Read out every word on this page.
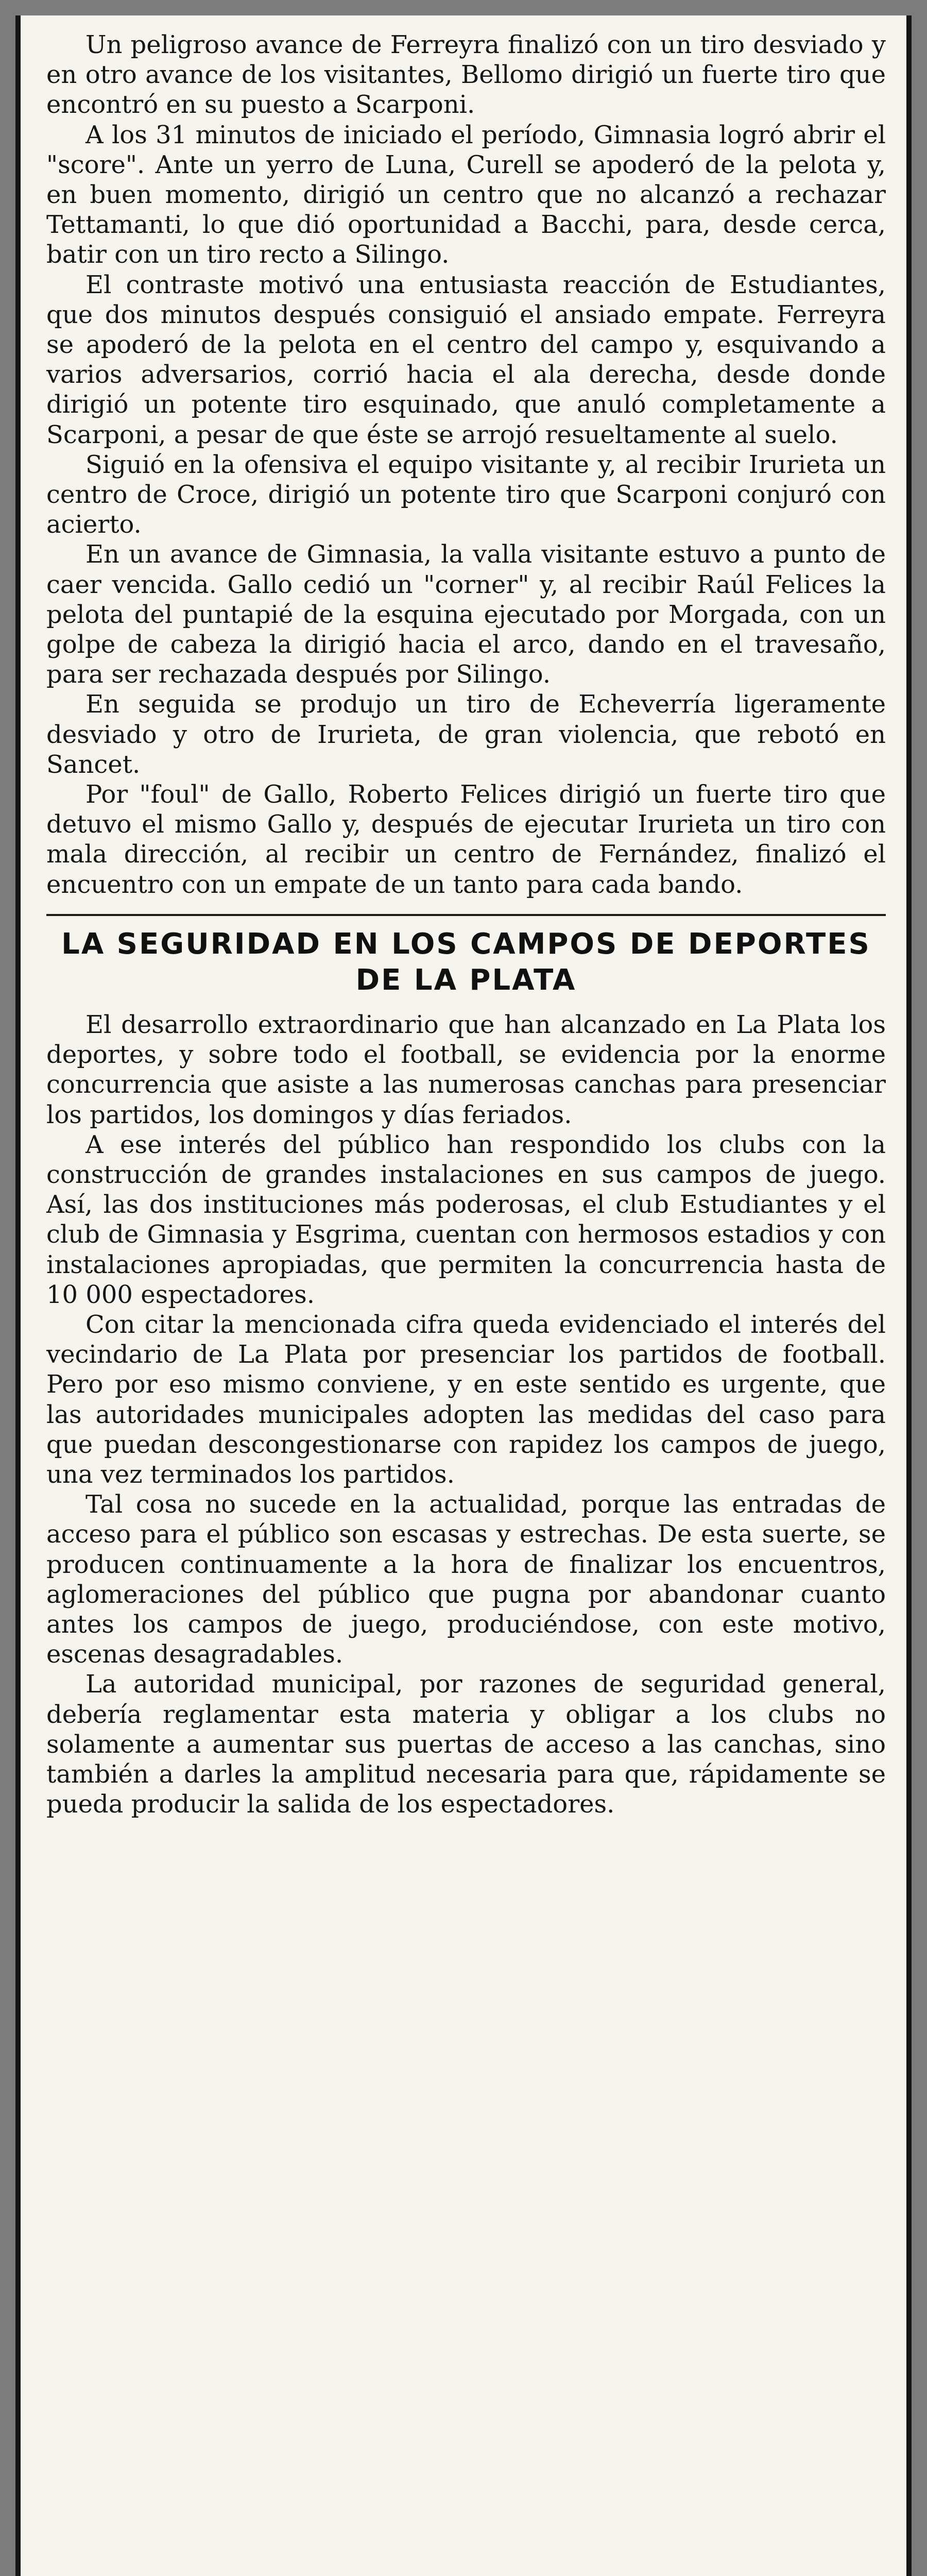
Un peligroso avance de Ferreyra finalizó con un tiro desviado y en otro avance de los visitantes, Bellomo dirigió un fuerte tiro que encontró en su puesto a Scarponi.

A los 31 minutos de iniciado el período, Gimnasia logró abrir el "score". Ante un yerro de Luna, Curell se apoderó de la pelota y, en buen momento, dirigió un centro que no alcanzó a rechazar Tettamanti, lo que dió oportunidad a Bacchi, para, desde cerca, batir con un tiro recto a Silingo.

El contraste motivó una entusiasta reacción de Estudiantes, que dos minutos después consiguió el ansiado empate. Ferreyra se apoderó de la pelota en el centro del campo y, esquivando a varios adversarios, corrió hacia el ala derecha, desde donde dirigió un potente tiro esquinado, que anuló completamente a Scarponi, a pesar de que éste se arrojó resueltamente al suelo.

Siguió en la ofensiva el equipo visitante y, al recibir Irurieta un centro de Croce, dirigió un potente tiro que Scarponi conjuró con acierto.

En un avance de Gimnasia, la valla visitante estuvo a punto de caer vencida. Gallo cedió un "corner" y, al recibir Raúl Felices la pelota del puntapié de la esquina ejecutado por Morgada, con un golpe de cabeza la dirigió hacia el arco, dando en el travesaño, para ser rechazada después por Silingo.

En seguida se produjo un tiro de Echeverría ligeramente desviado y otro de Irurieta, de gran violencia, que rebotó en Sancet.

Por "foul" de Gallo, Roberto Felices dirigió un fuerte tiro que detuvo el mismo Gallo y, después de ejecutar Irurieta un tiro con mala dirección, al recibir un centro de Fernández, finalizó el encuentro con un empate de un tanto para cada bando.

LA SEGURIDAD EN LOS CAMPOS DE DEPORTES DE LA PLATA

El desarrollo extraordinario que han alcanzado en La Plata los deportes, y sobre todo el football, se evidencia por la enorme concurrencia que asiste a las numerosas canchas para presenciar los partidos, los domingos y días feriados.

A ese interés del público han respondido los clubs con la construcción de grandes instalaciones en sus campos de juego. Así, las dos instituciones más poderosas, el club Estudiantes y el club de Gimnasia y Esgrima, cuentan con hermosos estadios y con instalaciones apropiadas, que permiten la concurrencia hasta de 10 000 espectadores.

Con citar la mencionada cifra queda evidenciado el interés del vecindario de La Plata por presenciar los partidos de football. Pero por eso mismo conviene, y en este sentido es urgente, que las autoridades municipales adopten las medidas del caso para que puedan descongestionarse con rapidez los campos de juego, una vez terminados los partidos.

Tal cosa no sucede en la actualidad, porque las entradas de acceso para el público son escasas y estrechas. De esta suerte, se producen continuamente a la hora de finalizar los encuentros, aglomeraciones del público que pugna por abandonar cuanto antes los campos de juego, produciéndose, con este motivo, escenas desagradables.

La autoridad municipal, por razones de seguridad general, debería reglamentar esta materia y obligar a los clubs no solamente a aumentar sus puertas de acceso a las canchas, sino también a darles la amplitud necesaria para que, rápidamente se pueda producir la salida de los espectadores.
